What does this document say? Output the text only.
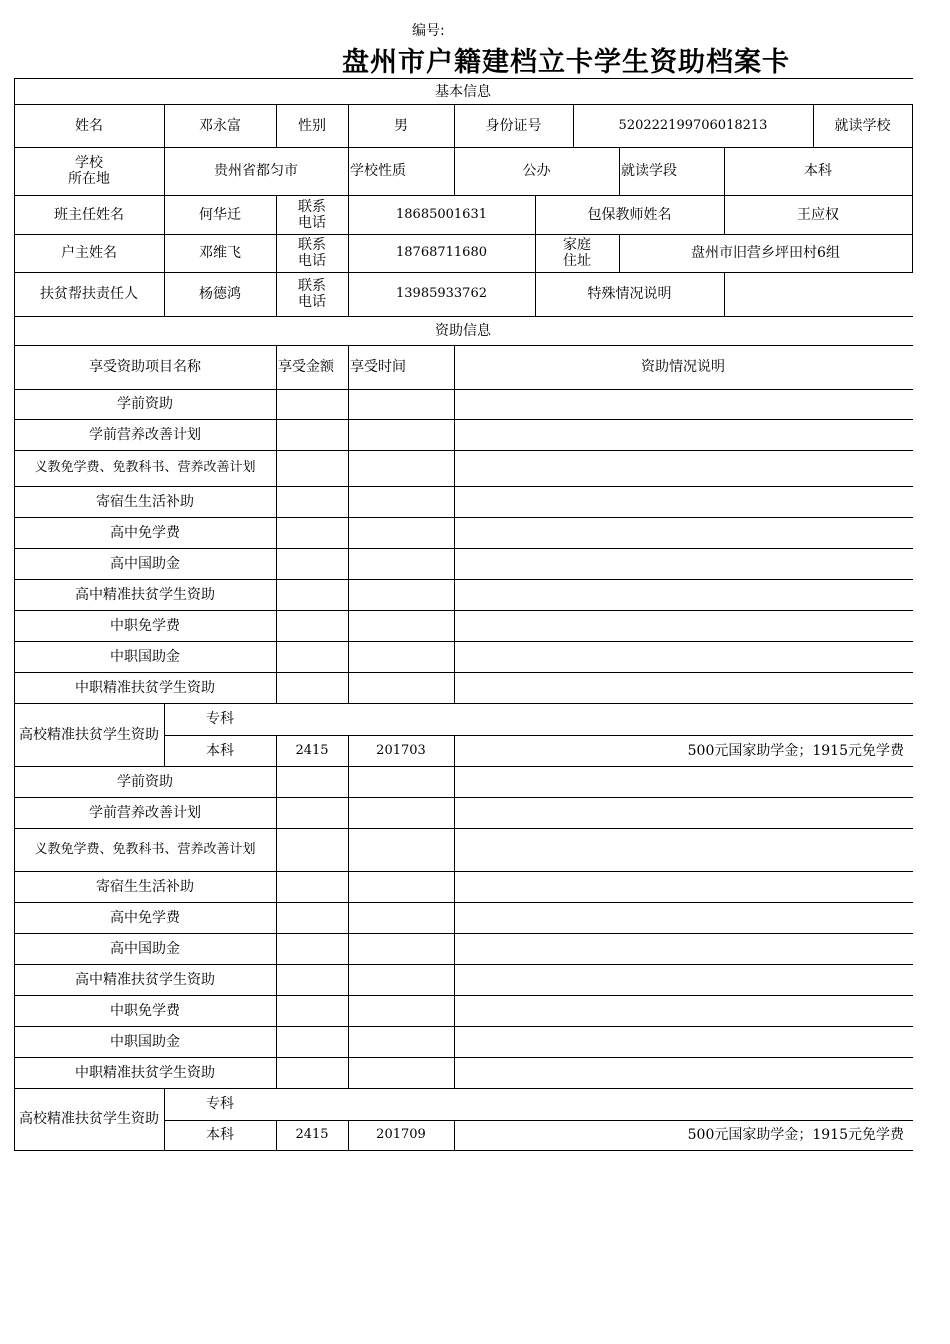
编号:
盘州市户籍建档立卡学生资助档案卡
基本信息
姓名	邓永富	性别	男	身份证号	520222199706018213	就读学校
学校
所在地	贵州省都匀市	学校性质	公办	就读学段	本科
班主任姓名	何华迁	联系
电话
18685001631	包保教师姓名	王应权
户主姓名	邓维飞	联系
电话
18768711680	家庭
住址	盘州市旧营乡坪田村6组
扶贫帮扶责任人	杨德鸿	联系
电话
13985933762	特殊情况说明
资助信息
享受资助项目名称	享受金额	享受时间	资助情况说明
学前资助
学前营养改善计划
义教免学费、免教科书、营养改善计划
寄宿生生活补助
高中免学费
高中国助金
高中精准扶贫学生资助
中职免学费
中职国助金
中职精准扶贫学生资助
高校精准扶贫学生资助
专科
本科	2415	201703	500元国家助学金；1915元免学费
学前资助
学前营养改善计划
义教免学费、免教科书、营养改善计划
寄宿生生活补助
高中免学费
高中国助金
高中精准扶贫学生资助
中职免学费
中职国助金
中职精准扶贫学生资助
高校精准扶贫学生资助
专科
本科	2415	201709	500元国家助学金；1915元免学费
